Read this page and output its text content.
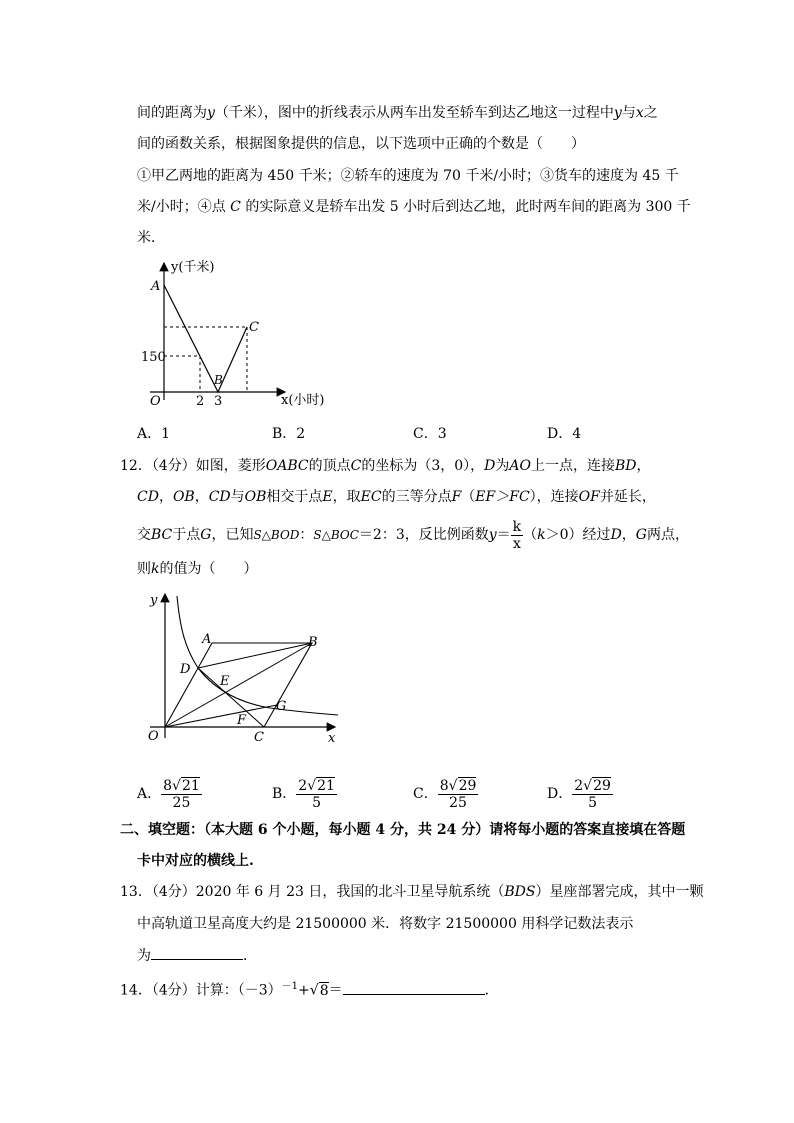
间的距离为y（千米），图中的折线表示从两车出发至轿车到达乙地这一过程中y与x之
间的函数关系，根据图象提供的信息，以下选项中正确的个数是（　　）
①甲乙两地的距离为 450 千米；②轿车的速度为 70 千米/小时；③货车的速度为 45 千
米/小时；④点 C 的实际意义是轿车出发 5 小时后到达乙地，此时两车间的距离为 300 千
米．
y(千米)
x(小时)
O
A
B
C
150
2 3
A．1	B．2	C．3	D．4
12．（4分）如图，菱形OABC的顶点C的坐标为（3，0），D为AO上一点，连接BD，
CD，OB，CD与OB相交于点E，取EC的三等分点F（EF＞FC），连接OF并延长，
交BC于点G，已知S△BOD：S△BOC＝2：3，反比例函数$y= \frac{k}{x} (k>0)$经过D，G两点，
则k的值为（　　）
y
x
O
A	B
C
D
E
F
G
A． $\frac{8√21}{25}$	B． $\frac{2√21}{5}$	C． $\frac{8√29}{25}$	D． $\frac{2√29}{5}$
二、填空题：（本大题 6 个小题，每小题 4 分，共 24 分）请将每小题的答案直接填在答题
卡中对应的横线上.
13．（4分）2020 年 6 月 23 日，我国的北斗卫星导航系统（BDS）星座部署完成，其中一颗
中高轨道卫星高度大约是 21500000 米．将数字 21500000 用科学记数法表示
为	．
14．（4分）计算：$(-3)^{-1}+√8=$	．
